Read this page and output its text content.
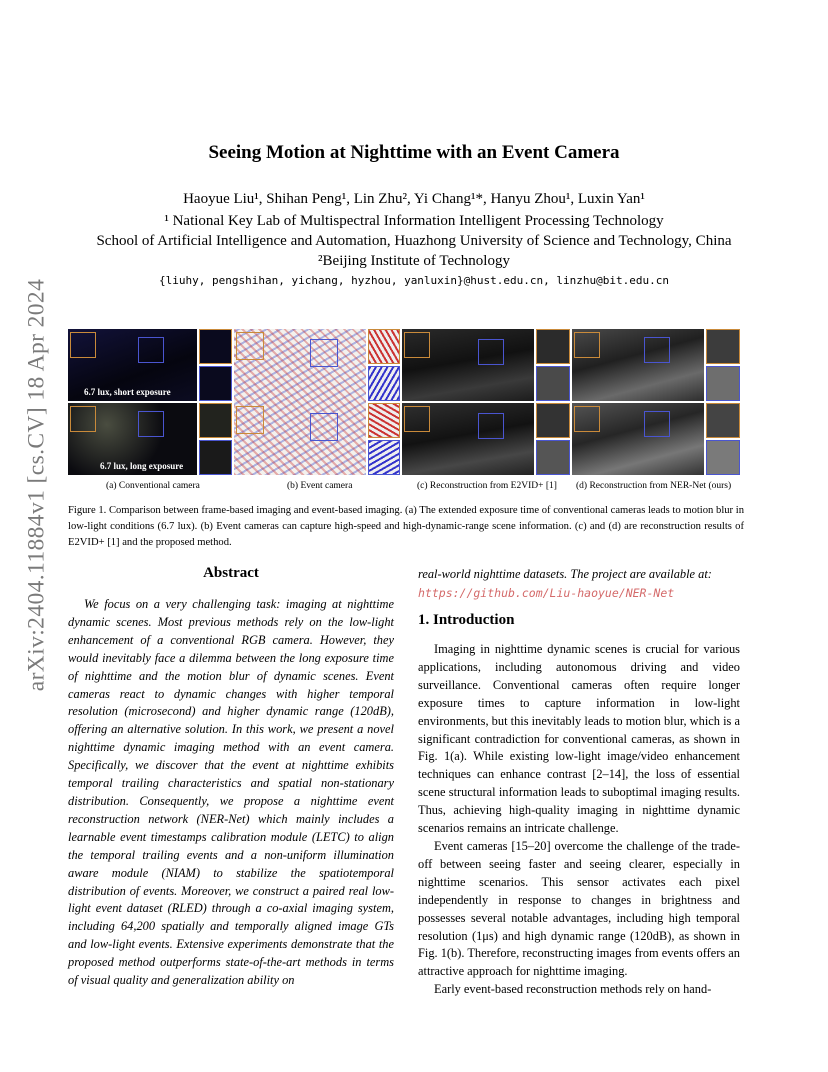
arXiv:2404.11884v1 [cs.CV] 18 Apr 2024
Seeing Motion at Nighttime with an Event Camera
Haoyue Liu¹, Shihan Peng¹, Lin Zhu², Yi Chang¹*, Hanyu Zhou¹, Luxin Yan¹
¹ National Key Lab of Multispectral Information Intelligent Processing Technology
School of Artificial Intelligence and Automation, Huazhong University of Science and Technology, China
²Beijing Institute of Technology
{liuhy, pengshihan, yichang, hyzhou, yanluxin}@hust.edu.cn, linzhu@bit.edu.cn
6.7 lux, short exposure
6.7 lux, long exposure
(a) Conventional camera	(b) Event camera	(c) Reconstruction from E2VID+ [1] (d) Reconstruction from NER-Net (ours)
Figure 1. Comparison between frame-based imaging and event-based imaging. (a) The extended exposure time of conventional cameras leads to motion blur in low-light conditions (6.7 lux). (b) Event cameras can capture high-speed and high-dynamic-range scene information. (c) and (d) are reconstruction results of E2VID+ [1] and the proposed method.
Abstract
We focus on a very challenging task: imaging at nighttime dynamic scenes. Most previous methods rely on the low-light enhancement of a conventional RGB camera. However, they would inevitably face a dilemma between the long exposure time of nighttime and the motion blur of dynamic scenes. Event cameras react to dynamic changes with higher temporal resolution (microsecond) and higher dynamic range (120dB), offering an alternative solution. In this work, we present a novel nighttime dynamic imaging method with an event camera. Specifically, we discover that the event at nighttime exhibits temporal trailing characteristics and spatial non-stationary distribution. Consequently, we propose a nighttime event reconstruction network (NER-Net) which mainly includes a learnable event timestamps calibration module (LETC) to align the temporal trailing events and a non-uniform illumination aware module (NIAM) to stabilize the spatiotemporal distribution of events. Moreover, we construct a paired real low-light event dataset (RLED) through a co-axial imaging system, including 64,200 spatially and temporally aligned image GTs and low-light events. Extensive experiments demonstrate that the proposed method outperforms state-of-the-art methods in terms of visual quality and generalization ability on
real-world nighttime datasets. The project are available at:
https://github.com/Liu-haoyue/NER-Net
1. Introduction

Imaging in nighttime dynamic scenes is crucial for various applications, including autonomous driving and video surveillance. Conventional cameras often require longer exposure times to capture information in low-light environments, but this inevitably leads to motion blur, which is a significant contradiction for conventional cameras, as shown in Fig. 1(a). While existing low-light image/video enhancement techniques can enhance contrast [2–14], the loss of essential scene structural information leads to suboptimal imaging results. Thus, achieving high-quality imaging in nighttime dynamic scenarios remains an intricate challenge.

Event cameras [15–20] overcome the challenge of the trade-off between seeing faster and seeing clearer, especially in nighttime scenarios. This sensor activates each pixel independently in response to changes in brightness and possesses several notable advantages, including high temporal resolution (1μs) and high dynamic range (120dB), as shown in Fig. 1(b). Therefore, reconstructing images from events offers an attractive approach for nighttime imaging.

Early event-based reconstruction methods rely on hand-
